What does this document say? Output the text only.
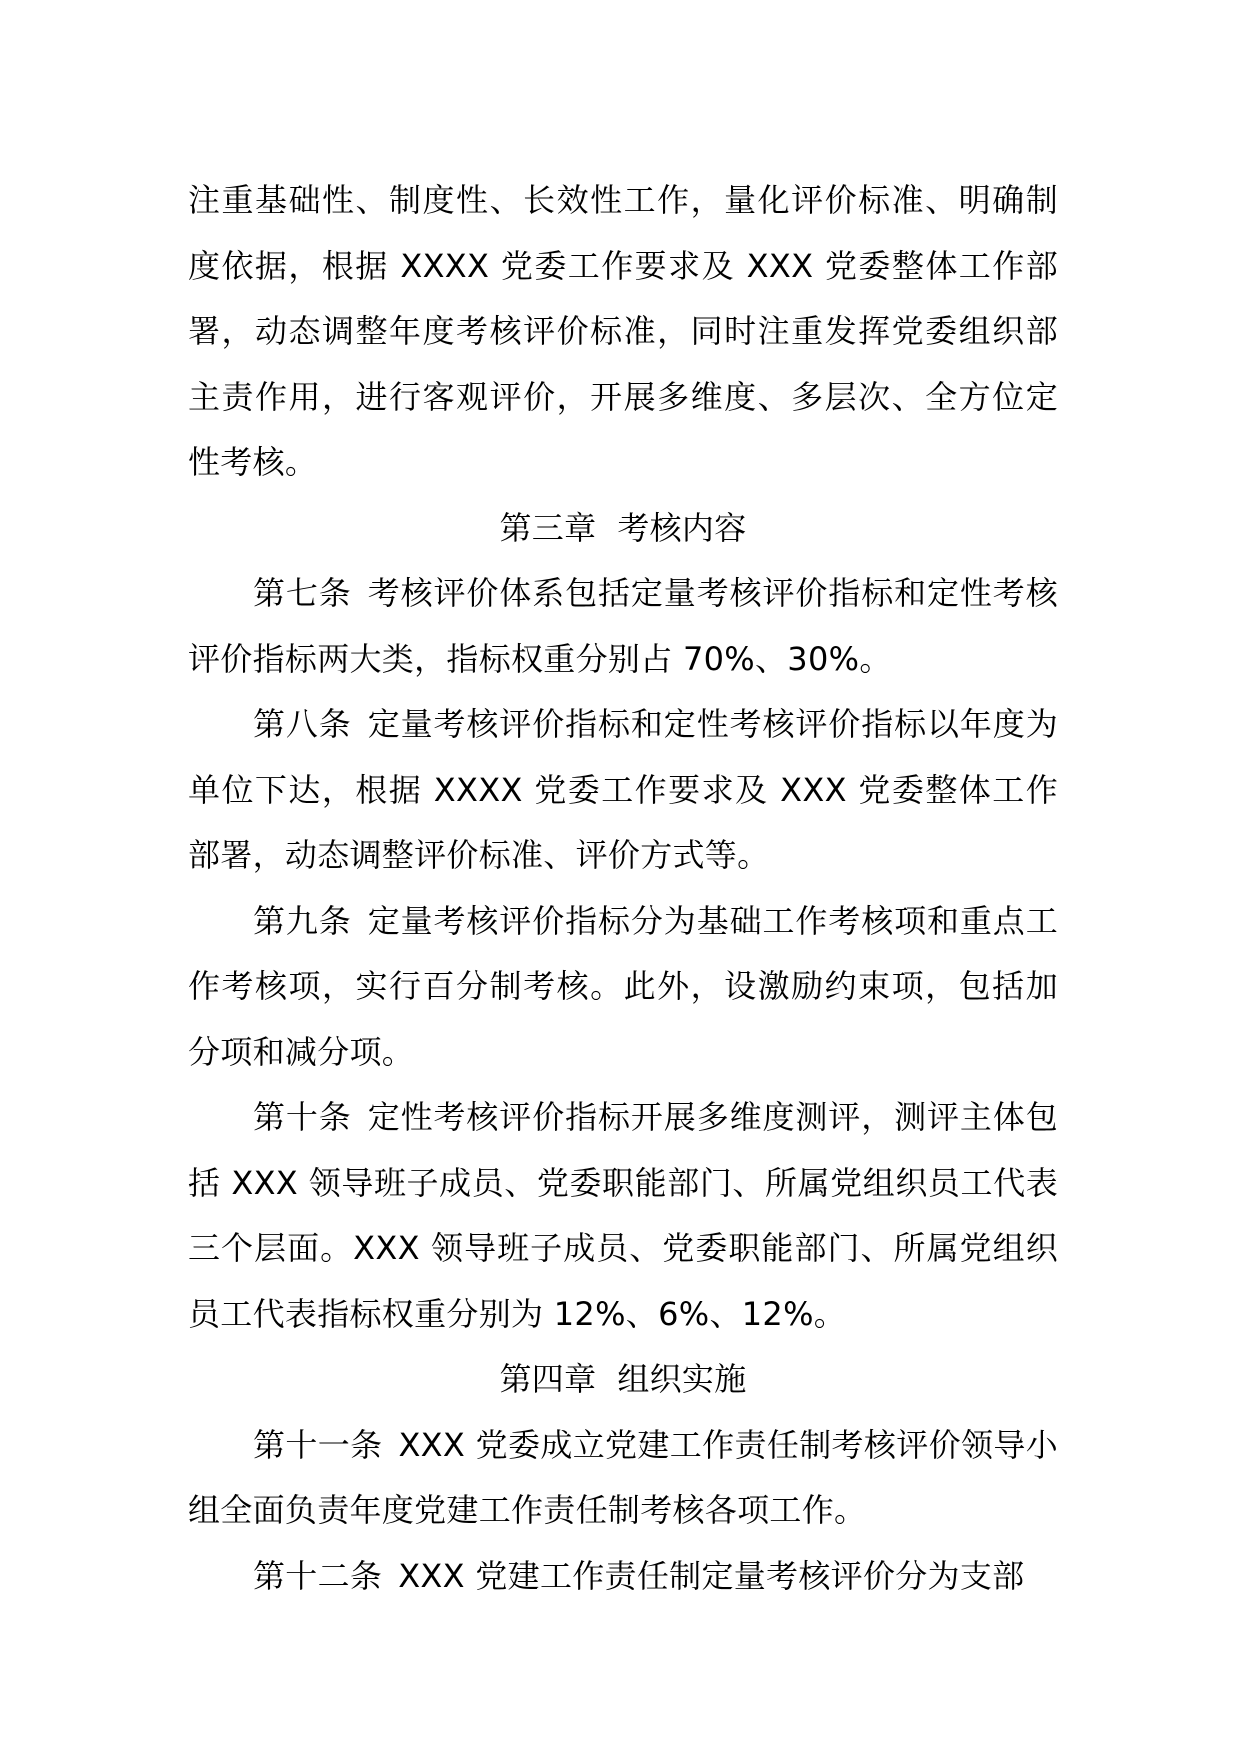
注重基础性、制度性、长效性工作，量化评价标准、明确制度依据，根据 XXXX 党委工作要求及 XXX 党委整体工作部署，动态调整年度考核评价标准，同时注重发挥党委组织部主责作用，进行客观评价，开展多维度、多层次、全方位定性考核。

第三章  考核内容

第七条 考核评价体系包括定量考核评价指标和定性考核评价指标两大类，指标权重分别占 70%、30%。

第八条 定量考核评价指标和定性考核评价指标以年度为单位下达，根据 XXXX 党委工作要求及 XXX 党委整体工作部署，动态调整评价标准、评价方式等。

第九条 定量考核评价指标分为基础工作考核项和重点工作考核项，实行百分制考核。此外，设激励约束项，包括加分项和减分项。

第十条 定性考核评价指标开展多维度测评，测评主体包括 XXX 领导班子成员、党委职能部门、所属党组织员工代表三个层面。XXX 领导班子成员、党委职能部门、所属党组织员工代表指标权重分别为 12%、6%、12%。

第四章  组织实施

第十一条 XXX 党委成立党建工作责任制考核评价领导小组全面负责年度党建工作责任制考核各项工作。

第十二条 XXX 党建工作责任制定量考核评价分为支部
